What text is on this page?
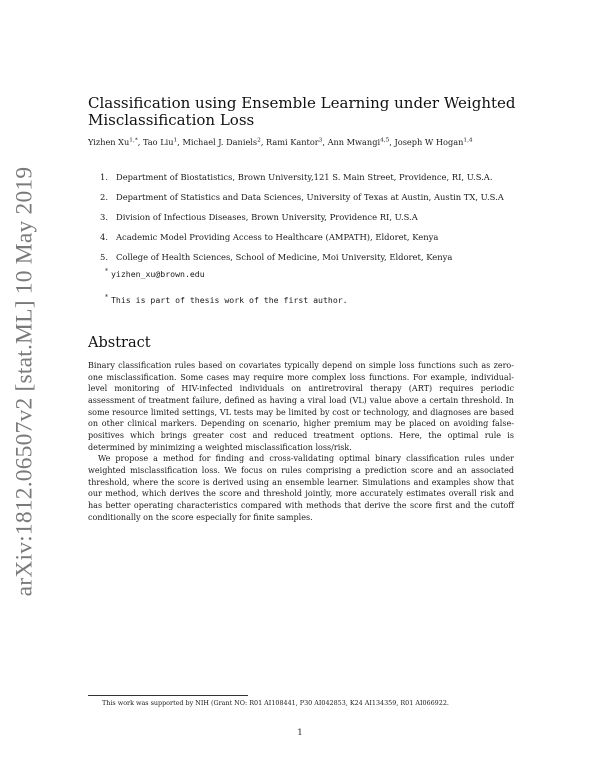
arXiv:1812.06507v2 [stat.ML] 10 May 2019
Classification using Ensemble Learning under Weighted Misclassification Loss
Yizhen $Xu^{1,*}$, Tao Liu$^1$, Michael J. Daniels$^2$, Rami Kantor$^3$, Ann Mwangi$^{4,5}$, Joseph W Hogan$^{1,4}$
1. Department of Biostatistics, Brown University,121 S. Main Street, Providence, RI, U.S.A.
2. Department of Statistics and Data Sciences, University of Texas at Austin, Austin TX, U.S.A
3. Division of Infectious Diseases, Brown University, Providence RI, U.S.A
4. Academic Model Providing Access to Healthcare (AMPATH), Eldoret, Kenya
5. College of Health Sciences, School of Medicine, Moi University, Eldoret, Kenya
* yizhen_xu@brown.edu
* This is part of thesis work of the first author.
Abstract

Binary classification rules based on covariates typically depend on simple loss functions such as zero-one misclassification. Some cases may require more complex loss functions. For example, individual-level monitoring of HIV-infected individuals on antiretroviral therapy (ART) requires periodic assessment of treatment failure, defined as having a viral load (VL) value above a certain threshold. In some resource limited settings, VL tests may be limited by cost or technology, and diagnoses are based on other clinical markers. Depending on scenario, higher premium may be placed on avoiding false-positives which brings greater cost and reduced treatment options. Here, the optimal rule is determined by minimizing a weighted misclassification loss/risk.

We propose a method for finding and cross-validating optimal binary classification rules under weighted misclassification loss. We focus on rules comprising a prediction score and an associated threshold, where the score is derived using an ensemble learner. Simulations and examples show that our method, which derives the score and threshold jointly, more accurately estimates overall risk and has better operating characteristics compared with methods that derive the score first and the cutoff conditionally on the score especially for finite samples.

This work was supported by NIH (Grant NO: R01 AI108441, P30 AI042853, K24 AI134359, R01 AI066922.
1
